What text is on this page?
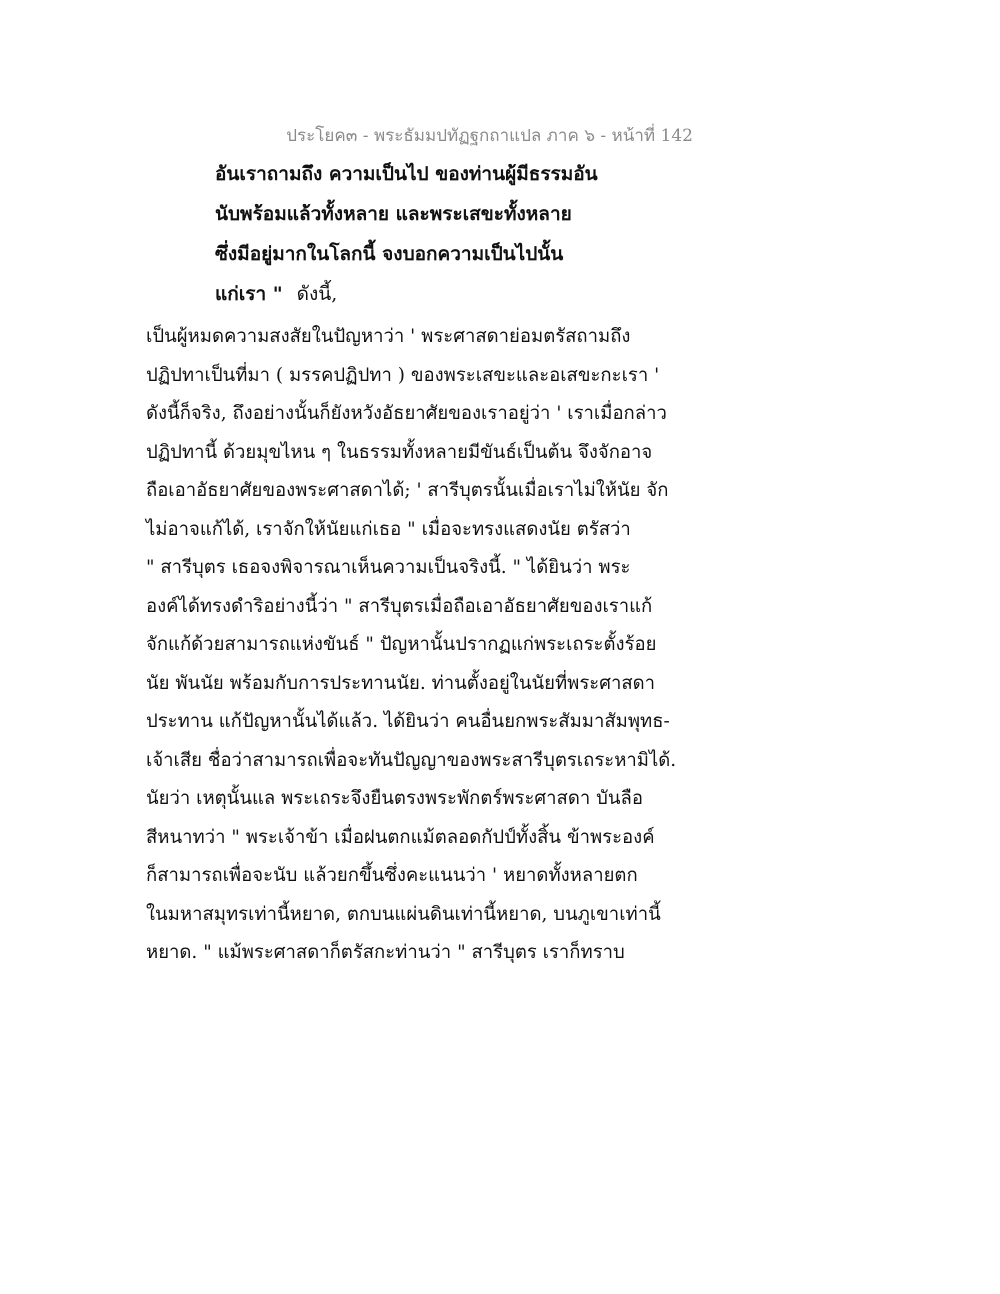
ประโยค๓ - พระธัมมปทัฏฐกถาแปล ภาค ๖ - หน้าที่ 142
อันเราถามถึง ความเป็นไป ของท่านผู้มีธรรมอัน
นับพร้อมแล้วทั้งหลาย และพระเสขะทั้งหลาย
ซึ่งมีอยู่มากในโลกนี้ จงบอกความเป็นไปนั้น
แก่เรา " ดังนี้,
เป็นผู้หมดความสงสัยในปัญหาว่า ' พระศาสดาย่อมตรัสถามถึง
ปฏิปทาเป็นที่มา ( มรรคปฏิปทา ) ของพระเสขะและอเสขะกะเรา '
ดังนี้ก็จริง, ถึงอย่างนั้นก็ยังหวังอัธยาศัยของเราอยู่ว่า ' เราเมื่อกล่าว
ปฏิปทานี้ ด้วยมุขไหน ๆ ในธรรมทั้งหลายมีขันธ์เป็นต้น จึงจักอาจ
ถือเอาอัธยาศัยของพระศาสดาได้; ' สารีบุตรนั้นเมื่อเราไม่ให้นัย จัก
ไม่อาจแก้ได้, เราจักให้นัยแก่เธอ " เมื่อจะทรงแสดงนัย ตรัสว่า
" สารีบุตร เธอจงพิจารณาเห็นความเป็นจริงนี้. " ได้ยินว่า พระ
องค์ได้ทรงดำริอย่างนี้ว่า " สารีบุตรเมื่อถือเอาอัธยาศัยของเราแก้
จักแก้ด้วยสามารถแห่งขันธ์ " ปัญหานั้นปรากฏแก่พระเถระตั้งร้อย
นัย พันนัย พร้อมกับการประทานนัย. ท่านตั้งอยู่ในนัยที่พระศาสดา
ประทาน แก้ปัญหานั้นได้แล้ว. ได้ยินว่า คนอื่นยกพระสัมมาสัมพุทธ-
เจ้าเสีย ชื่อว่าสามารถเพื่อจะทันปัญญาของพระสารีบุตรเถระหามิได้.
นัยว่า เหตุนั้นแล พระเถระจึงยืนตรงพระพักตร์พระศาสดา บันลือ
สีหนาทว่า " พระเจ้าข้า เมื่อฝนตกแม้ตลอดกัปป์ทั้งสิ้น ข้าพระองค์
ก็สามารถเพื่อจะนับ แล้วยกขึ้นซึ่งคะแนนว่า ' หยาดทั้งหลายตก
ในมหาสมุทรเท่านี้หยาด, ตกบนแผ่นดินเท่านี้หยาด, บนภูเขาเท่านี้
หยาด. " แม้พระศาสดาก็ตรัสกะท่านว่า " สารีบุตร เราก็ทราบ
